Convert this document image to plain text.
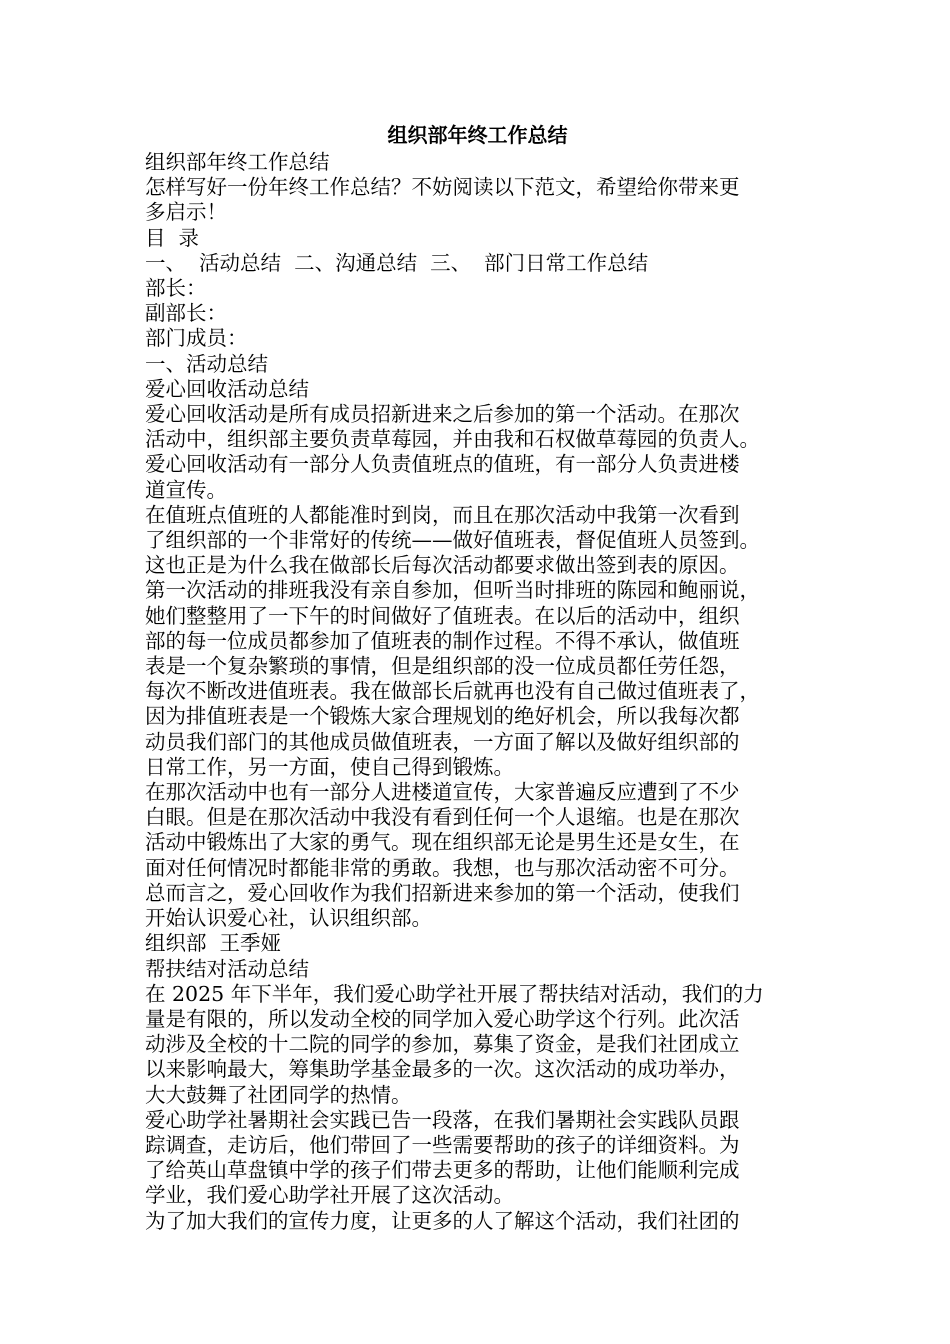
组织部年终工作总结
组织部年终工作总结
怎样写好一份年终工作总结？不妨阅读以下范文，希望给你带来更
多启示！
目  录
一、  活动总结  二、沟通总结  三、  部门日常工作总结
部长：
副部长：
部门成员：
一、活动总结
爱心回收活动总结
爱心回收活动是所有成员招新进来之后参加的第一个活动。在那次
活动中，组织部主要负责草莓园，并由我和石权做草莓园的负责人。
爱心回收活动有一部分人负责值班点的值班，有一部分人负责进楼
道宣传。
在值班点值班的人都能准时到岗，而且在那次活动中我第一次看到
了组织部的一个非常好的传统——做好值班表，督促值班人员签到。
这也正是为什么我在做部长后每次活动都要求做出签到表的原因。
第一次活动的排班我没有亲自参加，但听当时排班的陈园和鲍丽说，
她们整整用了一下午的时间做好了值班表。在以后的活动中，组织
部的每一位成员都参加了值班表的制作过程。不得不承认，做值班
表是一个复杂繁琐的事情，但是组织部的没一位成员都任劳任怨，
每次不断改进值班表。我在做部长后就再也没有自己做过值班表了，
因为排值班表是一个锻炼大家合理规划的绝好机会，所以我每次都
动员我们部门的其他成员做值班表，一方面了解以及做好组织部的
日常工作，另一方面，使自己得到锻炼。
在那次活动中也有一部分人进楼道宣传，大家普遍反应遭到了不少
白眼。但是在那次活动中我没有看到任何一个人退缩。也是在那次
活动中锻炼出了大家的勇气。现在组织部无论是男生还是女生，在
面对任何情况时都能非常的勇敢。我想，也与那次活动密不可分。
总而言之，爱心回收作为我们招新进来参加的第一个活动，使我们
开始认识爱心社，认识组织部。
组织部  王季娅
帮扶结对活动总结
在 2025 年下半年，我们爱心助学社开展了帮扶结对活动，我们的力
量是有限的，所以发动全校的同学加入爱心助学这个行列。此次活
动涉及全校的十二院的同学的参加，募集了资金，是我们社团成立
以来影响最大，筹集助学基金最多的一次。这次活动的成功举办，
大大鼓舞了社团同学的热情。
爱心助学社暑期社会实践已告一段落，在我们暑期社会实践队员跟
踪调查，走访后，他们带回了一些需要帮助的孩子的详细资料。为
了给英山草盘镇中学的孩子们带去更多的帮助，让他们能顺利完成
学业，我们爱心助学社开展了这次活动。
为了加大我们的宣传力度，让更多的人了解这个活动，我们社团的
